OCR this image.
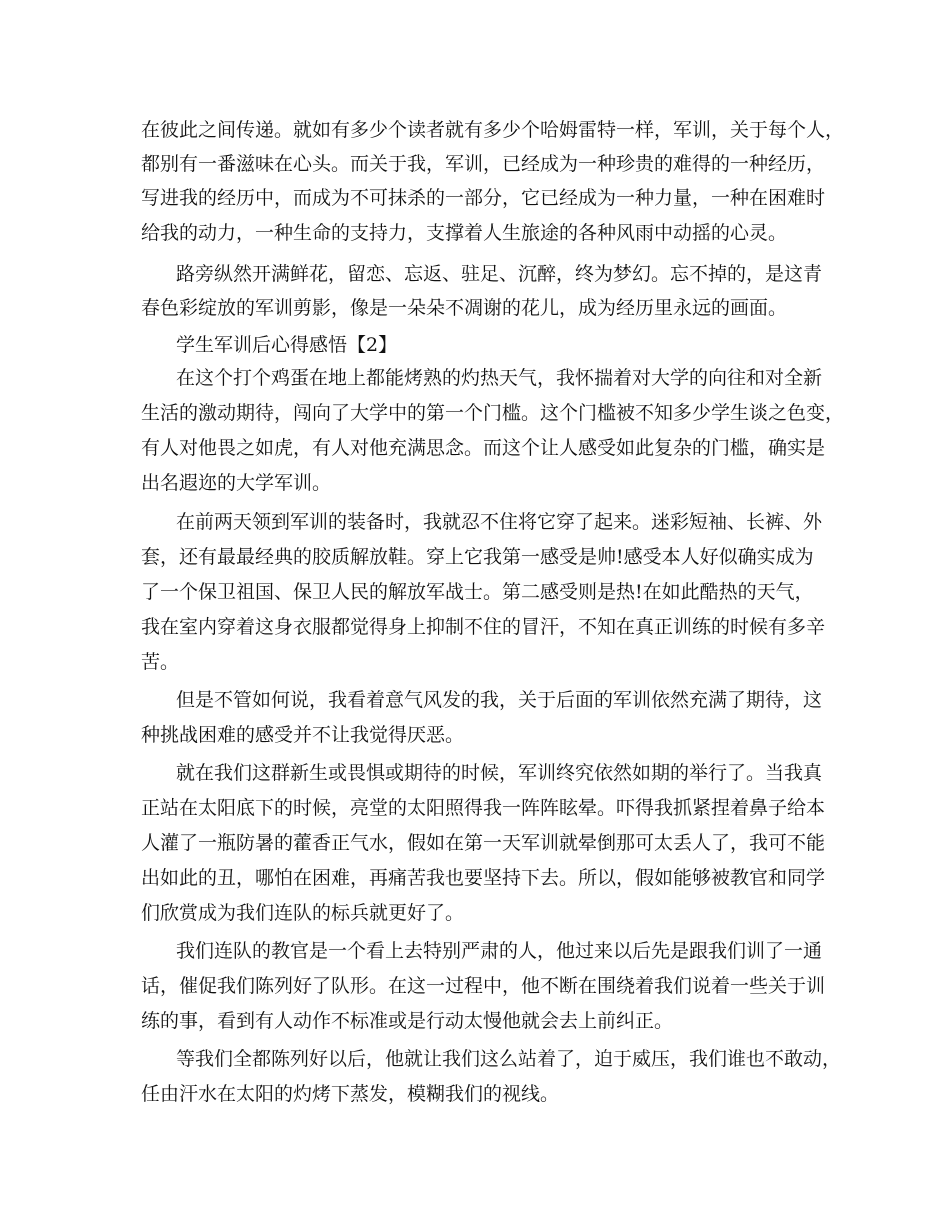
在彼此之间传递。就如有多少个读者就有多少个哈姆雷特一样，军训，关于每个人，
都别有一番滋味在心头。而关于我，军训，已经成为一种珍贵的难得的一种经历，
写进我的经历中，而成为不可抹杀的一部分，它已经成为一种力量，一种在困难时
给我的动力，一种生命的支持力，支撑着人生旅途的各种风雨中动摇的心灵。
路旁纵然开满鲜花，留恋、忘返、驻足、沉醉，终为梦幻。忘不掉的，是这青
春色彩绽放的军训剪影，像是一朵朵不凋谢的花儿，成为经历里永远的画面。
学生军训后心得感悟【2】
在这个打个鸡蛋在地上都能烤熟的灼热天气，我怀揣着对大学的向往和对全新
生活的激动期待，闯向了大学中的第一个门槛。这个门槛被不知多少学生谈之色变，
有人对他畏之如虎，有人对他充满思念。而这个让人感受如此复杂的门槛，确实是
出名遐迩的大学军训。
在前两天领到军训的装备时，我就忍不住将它穿了起来。迷彩短袖、长裤、外
套，还有最最经典的胶质解放鞋。穿上它我第一感受是帅!感受本人好似确实成为
了一个保卫祖国、保卫人民的解放军战士。第二感受则是热!在如此酷热的天气，
我在室内穿着这身衣服都觉得身上抑制不住的冒汗，不知在真正训练的时候有多辛
苦。
但是不管如何说，我看着意气风发的我，关于后面的军训依然充满了期待，这
种挑战困难的感受并不让我觉得厌恶。
就在我们这群新生或畏惧或期待的时候，军训终究依然如期的举行了。当我真
正站在太阳底下的时候，亮堂的太阳照得我一阵阵眩晕。吓得我抓紧捏着鼻子给本
人灌了一瓶防暑的藿香正气水，假如在第一天军训就晕倒那可太丢人了，我可不能
出如此的丑，哪怕在困难，再痛苦我也要坚持下去。所以，假如能够被教官和同学
们欣赏成为我们连队的标兵就更好了。
我们连队的教官是一个看上去特别严肃的人，他过来以后先是跟我们训了一通
话，催促我们陈列好了队形。在这一过程中，他不断在围绕着我们说着一些关于训
练的事，看到有人动作不标准或是行动太慢他就会去上前纠正。
等我们全都陈列好以后，他就让我们这么站着了，迫于威压，我们谁也不敢动，
任由汗水在太阳的灼烤下蒸发，模糊我们的视线。
